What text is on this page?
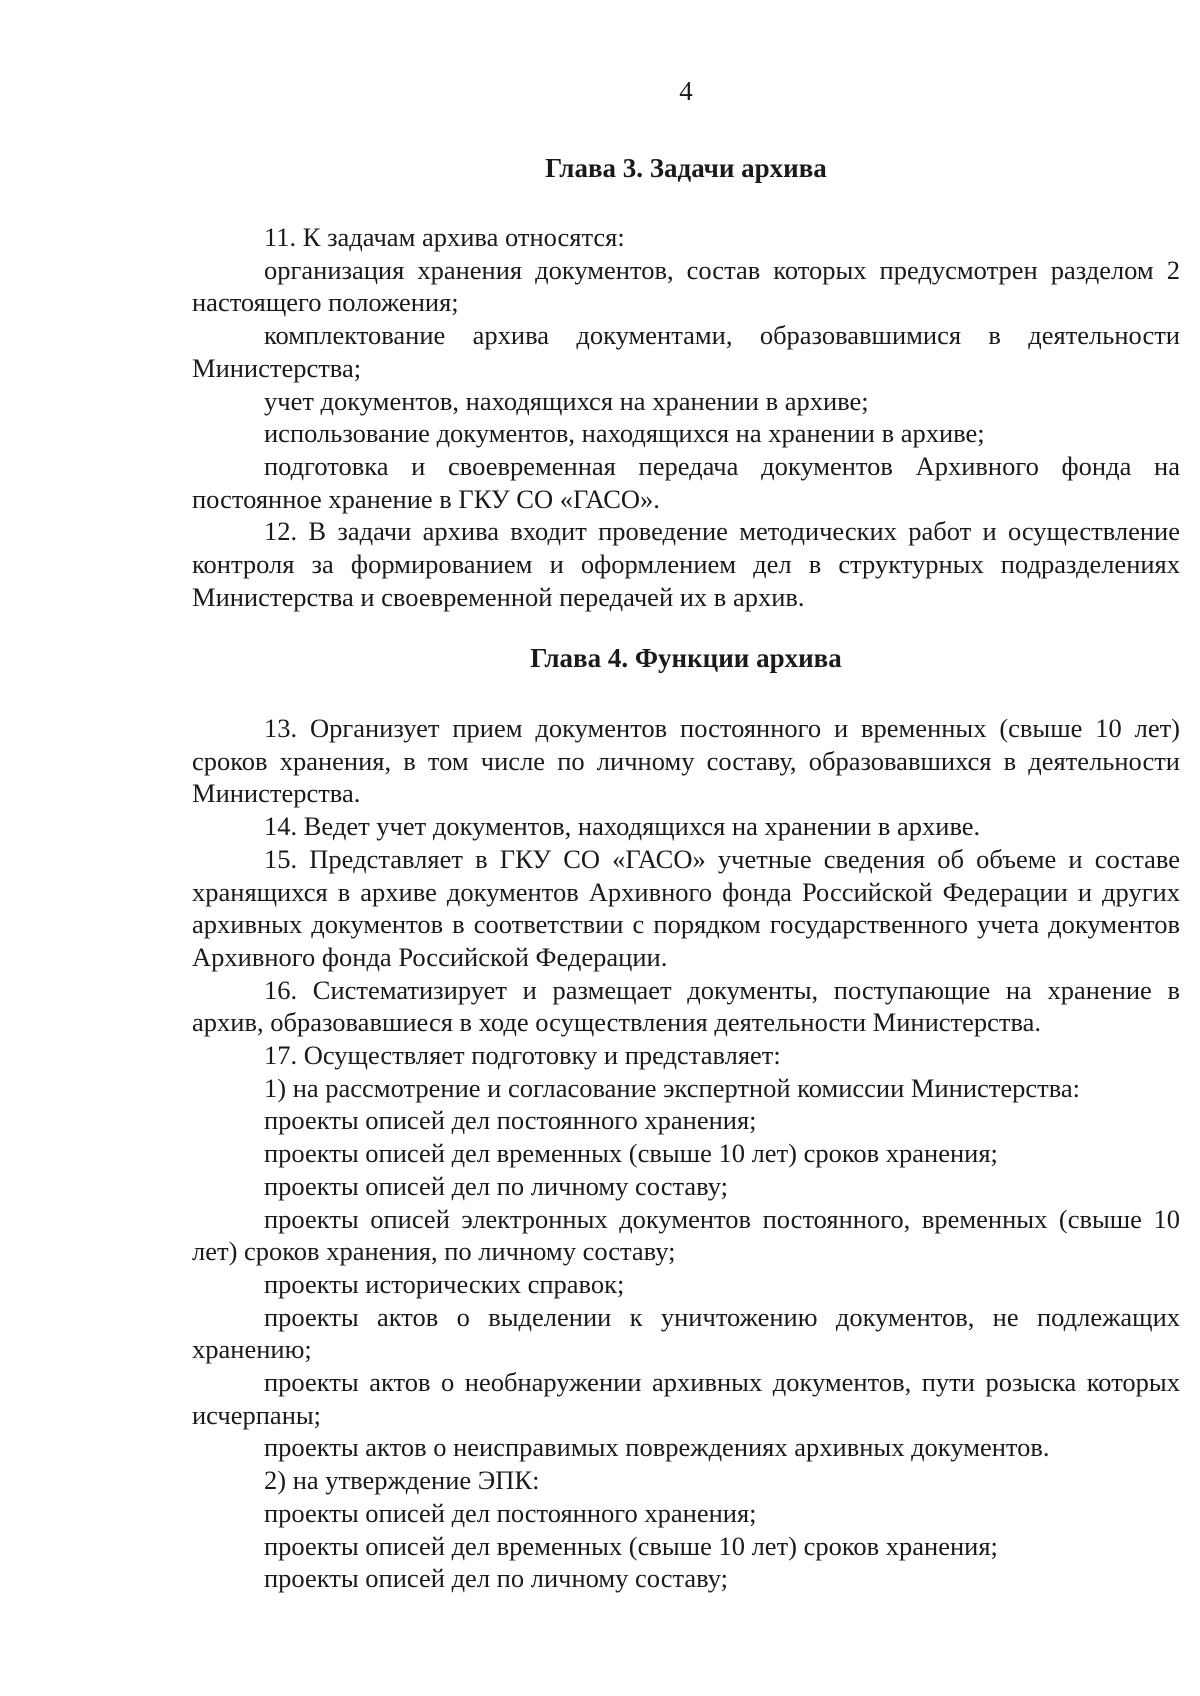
4
Глава 3. Задачи архива

11. К задачам архива относятся:

организация хранения документов, состав которых предусмотрен разделом 2 настоящего положения;

комплектование архива документами, образовавшимися в деятельности Министерства;

учет документов, находящихся на хранении в архиве;

использование документов, находящихся на хранении в архиве;

подготовка и своевременная передача документов Архивного фонда на постоянное хранение в ГКУ СО «ГАСО».

12. В задачи архива входит проведение методических работ и осуществление контроля за формированием и оформлением дел в структурных подразделениях Министерства и своевременной передачей их в архив.

Глава 4. Функции архива

13. Организует прием документов постоянного и временных (свыше 10 лет) сроков хранения, в том числе по личному составу, образовавшихся в деятельности Министерства.

14. Ведет учет документов, находящихся на хранении в архиве.

15. Представляет в ГКУ СО «ГАСО» учетные сведения об объеме и составе хранящихся в архиве документов Архивного фонда Российской Федерации и других архивных документов в соответствии с порядком государственного учета документов Архивного фонда Российской Федерации.

16. Систематизирует и размещает документы, поступающие на хранение в архив, образовавшиеся в ходе осуществления деятельности Министерства.

17. Осуществляет подготовку и представляет:

1) на рассмотрение и согласование экспертной комиссии Министерства:

проекты описей дел постоянного хранения;

проекты описей дел временных (свыше 10 лет) сроков хранения;

проекты описей дел по личному составу;

проекты описей электронных документов постоянного, временных (свыше 10 лет) сроков хранения, по личному составу;

проекты исторических справок;

проекты актов о выделении к уничтожению документов, не подлежащих хранению;

проекты актов о необнаружении архивных документов, пути розыска которых исчерпаны;

проекты актов о неисправимых повреждениях архивных документов.

2) на утверждение ЭПК:

проекты описей дел постоянного хранения;

проекты описей дел временных (свыше 10 лет) сроков хранения;

проекты описей дел по личному составу;
